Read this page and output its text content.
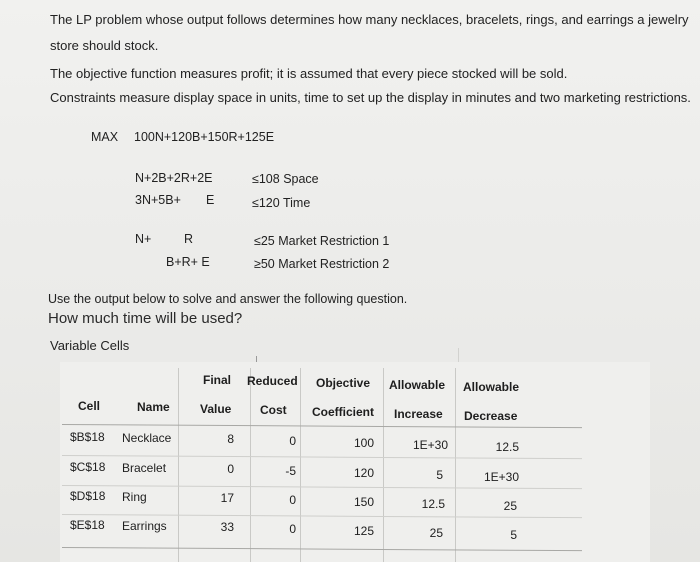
The LP problem whose output follows determines how many necklaces, bracelets, rings, and earrings a jewelry
store should stock.
The objective function measures profit; it is assumed that every piece stocked will be sold.
Constraints measure display space in units, time to set up the display in minutes and two marketing restrictions.
MAX 100N+120B+150R+125E
N+2B+2R+2E	≤108 Space
3N+5B+ E	≤120 Time
N+	R	≤25 Market Restriction 1
B+R+ E	≥50 Market Restriction 2
Use the output below to solve and answer the following question.
How much time will be used?
Variable Cells
Final Reduced Objective Allowable Allowable
Cell	Name	Value Cost Coefficient Increase Decrease
$B$18 Necklace	8	0	100	1E+30	12.5
$C$18 Bracelet	0	-5	120	5	1E+30
$D$18 Ring	17	0	150	12.5	25
$E$18 Earrings	33	0	125	25	5
